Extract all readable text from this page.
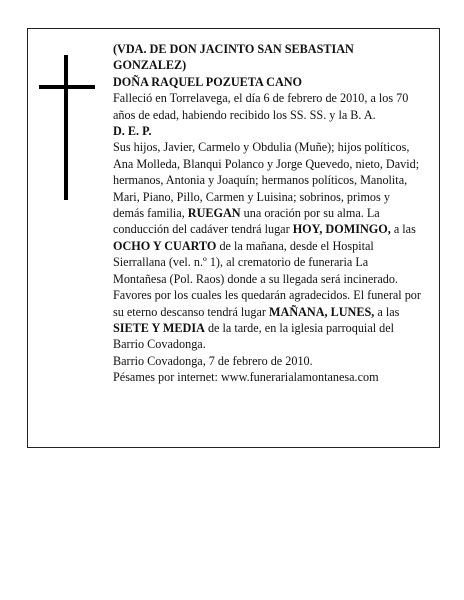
(VDA. DE DON JACINTO SAN SEBASTIAN GONZALEZ)

DOÑA RAQUEL POZUETA CANO

Falleció en Torrelavega, el día 6 de febrero de 2010, a los 70 años de edad, habiendo recibido los SS. SS. y la B. A.

D. E. P.

Sus hijos, Javier, Carmelo y Obdulia (Muñe); hijos políticos, Ana Molleda, Blanqui Polanco y Jorge Quevedo, nieto, David; hermanos, Antonia y Joaquín; hermanos políticos, Manolita, Mari, Piano, Pillo, Carmen y Luisina; sobrinos, primos y demás familia, RUEGAN una oración por su alma. La conducción del cadáver tendrá lugar HOY, DOMINGO, a las OCHO Y CUARTO de la mañana, desde el Hospital Sierrallana (vel. n.º 1), al crematorio de funeraria La Montañesa (Pol. Raos) donde a su llegada será incinerado. Favores por los cuales les quedarán agradecidos. El funeral por su eterno descanso tendrá lugar MAÑANA, LUNES, a las SIETE Y MEDIA de la tarde, en la iglesia parroquial del Barrio Covadonga.

Barrio Covadonga, 7 de febrero de 2010.

Pésames por internet: www.funerarialamontanesa.com
